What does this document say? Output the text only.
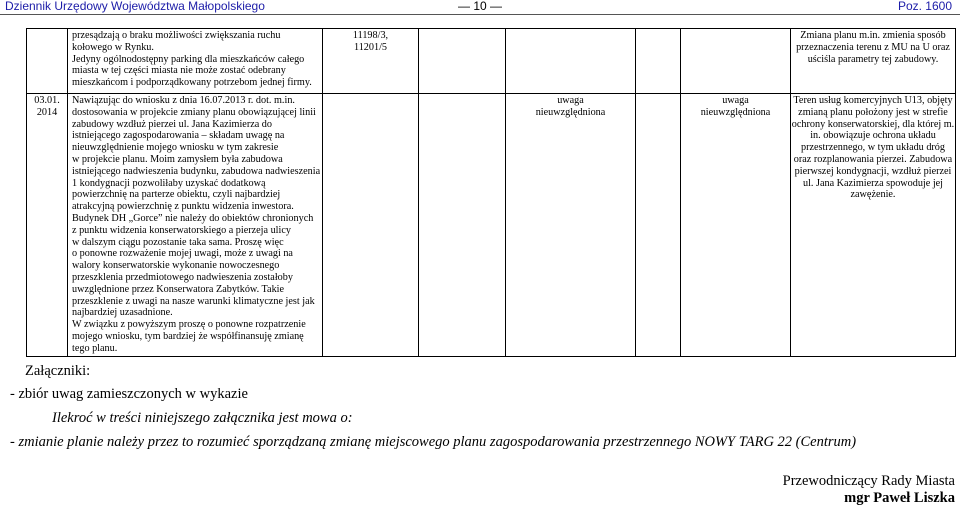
Dziennik Urzędowy Województwa Małopolskiego	— 10 —	Poz. 1600
przesądzają o braku możliwości zwiększania ruchu
kołowego w Rynku.
Jedyny ogólnodostępny parking dla mieszkańców całego
miasta w tej części miasta nie może zostać odebrany
mieszkańcom i podporządkowany potrzebom jednej firmy.
11198/3,
11201/5
Zmiana planu m.in. zmienia sposób
przeznaczenia terenu z MU na U oraz
uściśla parametry tej zabudowy.
03.01.
2014
Nawiązując do wniosku z dnia 16.07.2013 r. dot. m.in.
dostosowania w projekcie zmiany planu obowiązującej linii
zabudowy wzdłuż pierzei ul. Jana Kazimierza do
istniejącego zagospodarowania – składam uwagę na
nieuwzględnienie mojego wniosku w tym zakresie
w projekcie planu. Moim zamysłem była zabudowa
istniejącego nadwieszenia budynku, zabudowa nadwieszenia
1 kondygnacji pozwoliłaby uzyskać dodatkową
powierzchnię na parterze obiektu, czyli najbardziej
atrakcyjną powierzchnię z punktu widzenia inwestora.
Budynek DH „Gorce” nie należy do obiektów chronionych
z punktu widzenia konserwatorskiego a pierzeja ulicy
w dalszym ciągu pozostanie taka sama. Proszę więc
o ponowne rozważenie mojej uwagi, może z uwagi na
walory konserwatorskie wykonanie nowoczesnego
przeszklenia przedmiotowego nadwieszenia zostałoby
uwzględnione przez Konserwatora Zabytków. Takie
przeszklenie z uwagi na nasze warunki klimatyczne jest jak
najbardziej uzasadnione.
W związku z powyższym proszę o ponowne rozpatrzenie
mojego wniosku, tym bardziej że współfinansuję zmianę
tego planu.
uwaga
nieuwzględniona
uwaga
nieuwzględniona
Teren usług komercyjnych U13, objęty
zmianą planu położony jest w strefie
ochrony konserwatorskiej, dla której m.
in. obowiązuje ochrona układu
przestrzennego, w tym układu dróg
oraz rozplanowania pierzei. Zabudowa
pierwszej kondygnacji, wzdłuż pierzei
ul. Jana Kazimierza spowoduje jej
zawężenie.
Załączniki:
- zbiór uwag zamieszczonych w wykazie
Ilekroć w treści niniejszego załącznika jest mowa o:
- zmianie planie należy przez to rozumieć sporządzaną zmianę miejscowego planu zagospodarowania przestrzennego NOWY TARG 22 (Centrum)
Przewodniczący Rady Miasta
mgr Paweł Liszka
